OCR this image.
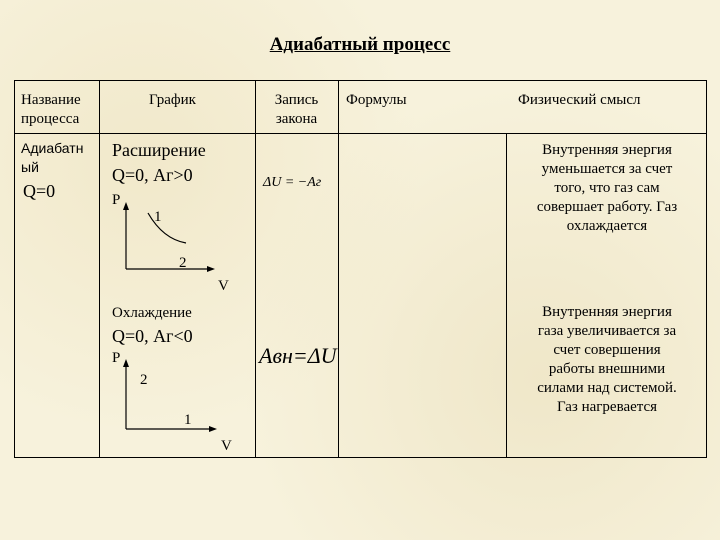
Адиабатный процесс
Название
процесса
График	Запись
закона
Формулы	Физический смысл
Адиабатн
ый
Q=0
Расширение
Q=0, Аг>0
P
1
2
V
ΔU = −Aг
Внутренняя энергия
уменьшается за счет
того, что газ сам
совершает работу. Газ
охлаждается
Охлаждение
Q=0, Аг<0
P
2
1
V
Aвн=ΔU
Внутренняя энергия
газа увеличивается за
счет совершения
работы внешними
силами над системой.
Газ нагревается
